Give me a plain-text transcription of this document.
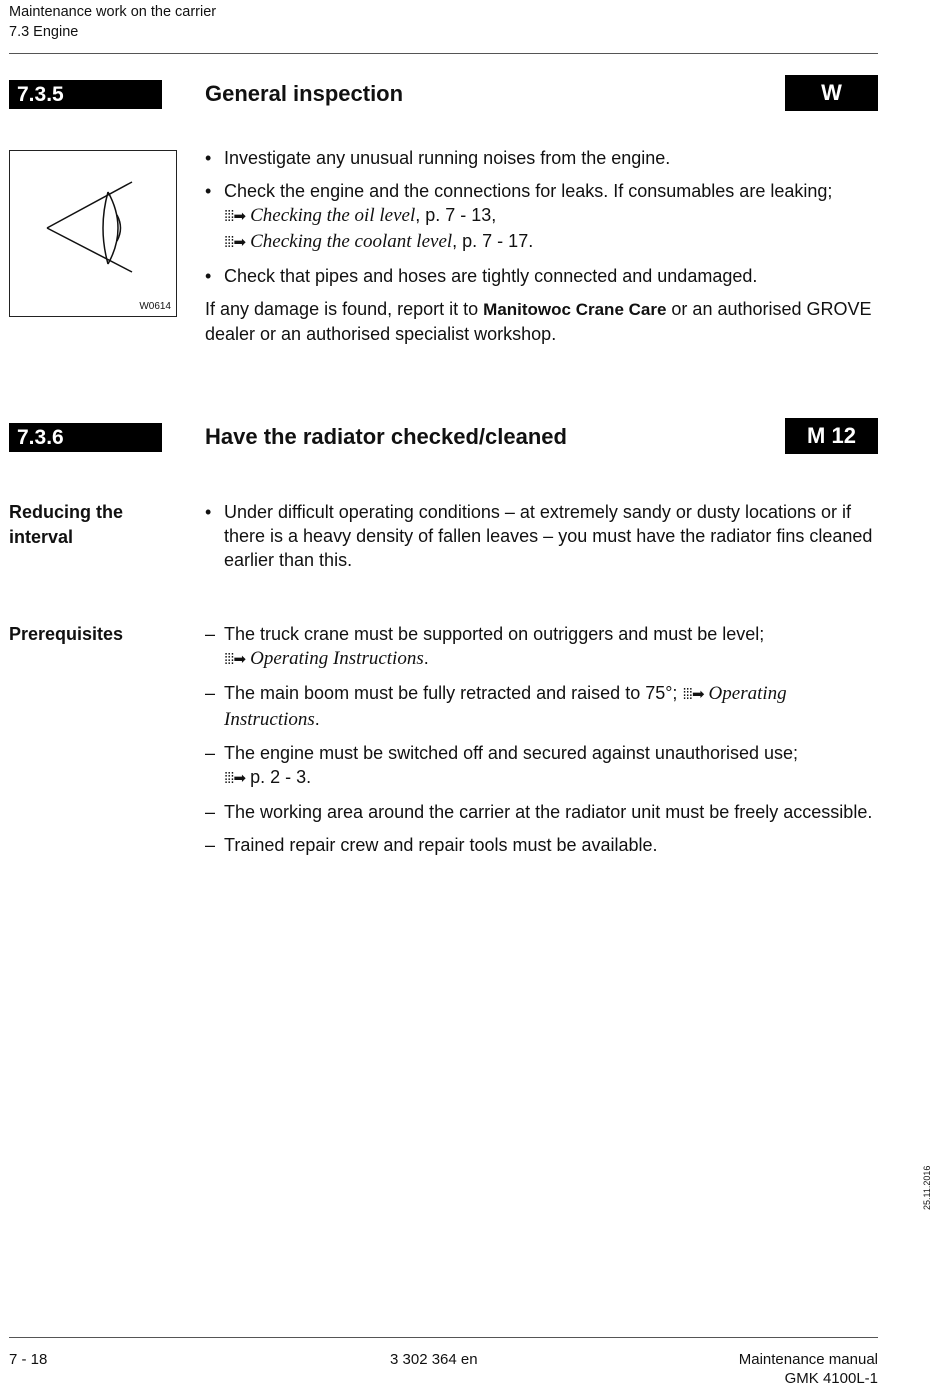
Maintenance work on the carrier
7.3 Engine
7.3.5	General inspection	W
W0614
• Investigate any unusual running noises from the engine.
• Check the engine and the connections for leaks. If consumables are leaking;
⁞⁞⁞➡ Checking the oil level, p. 7 - 13,
⁞⁞⁞➡ Checking the coolant level, p. 7 - 17.
• Check that pipes and hoses are tightly connected and undamaged.
If any damage is found, report it to Manitowoc Crane Care or an authorised GROVE dealer or an authorised specialist workshop.
7.3.6	Have the radiator checked/cleaned	M 12
Reducing the
interval
• Under difficult operating conditions – at extremely sandy or dusty locations or if there is a heavy density of fallen leaves – you must have the radiator fins cleaned earlier than this.
Prerequisites	– The truck crane must be supported on outriggers and must be level;
⁞⁞⁞➡ Operating Instructions.
– The main boom must be fully retracted and raised to 75°; ⁞⁞⁞➡ Operating Instructions.
– The engine must be switched off and secured against unauthorised use;
⁞⁞⁞➡ p. 2 - 3.
– The working area around the carrier at the radiator unit must be freely accessible.
– Trained repair crew and repair tools must be available.
25.11.2016
7 - 18	3 302 364 en	Maintenance manual
GMK 4100L-1
